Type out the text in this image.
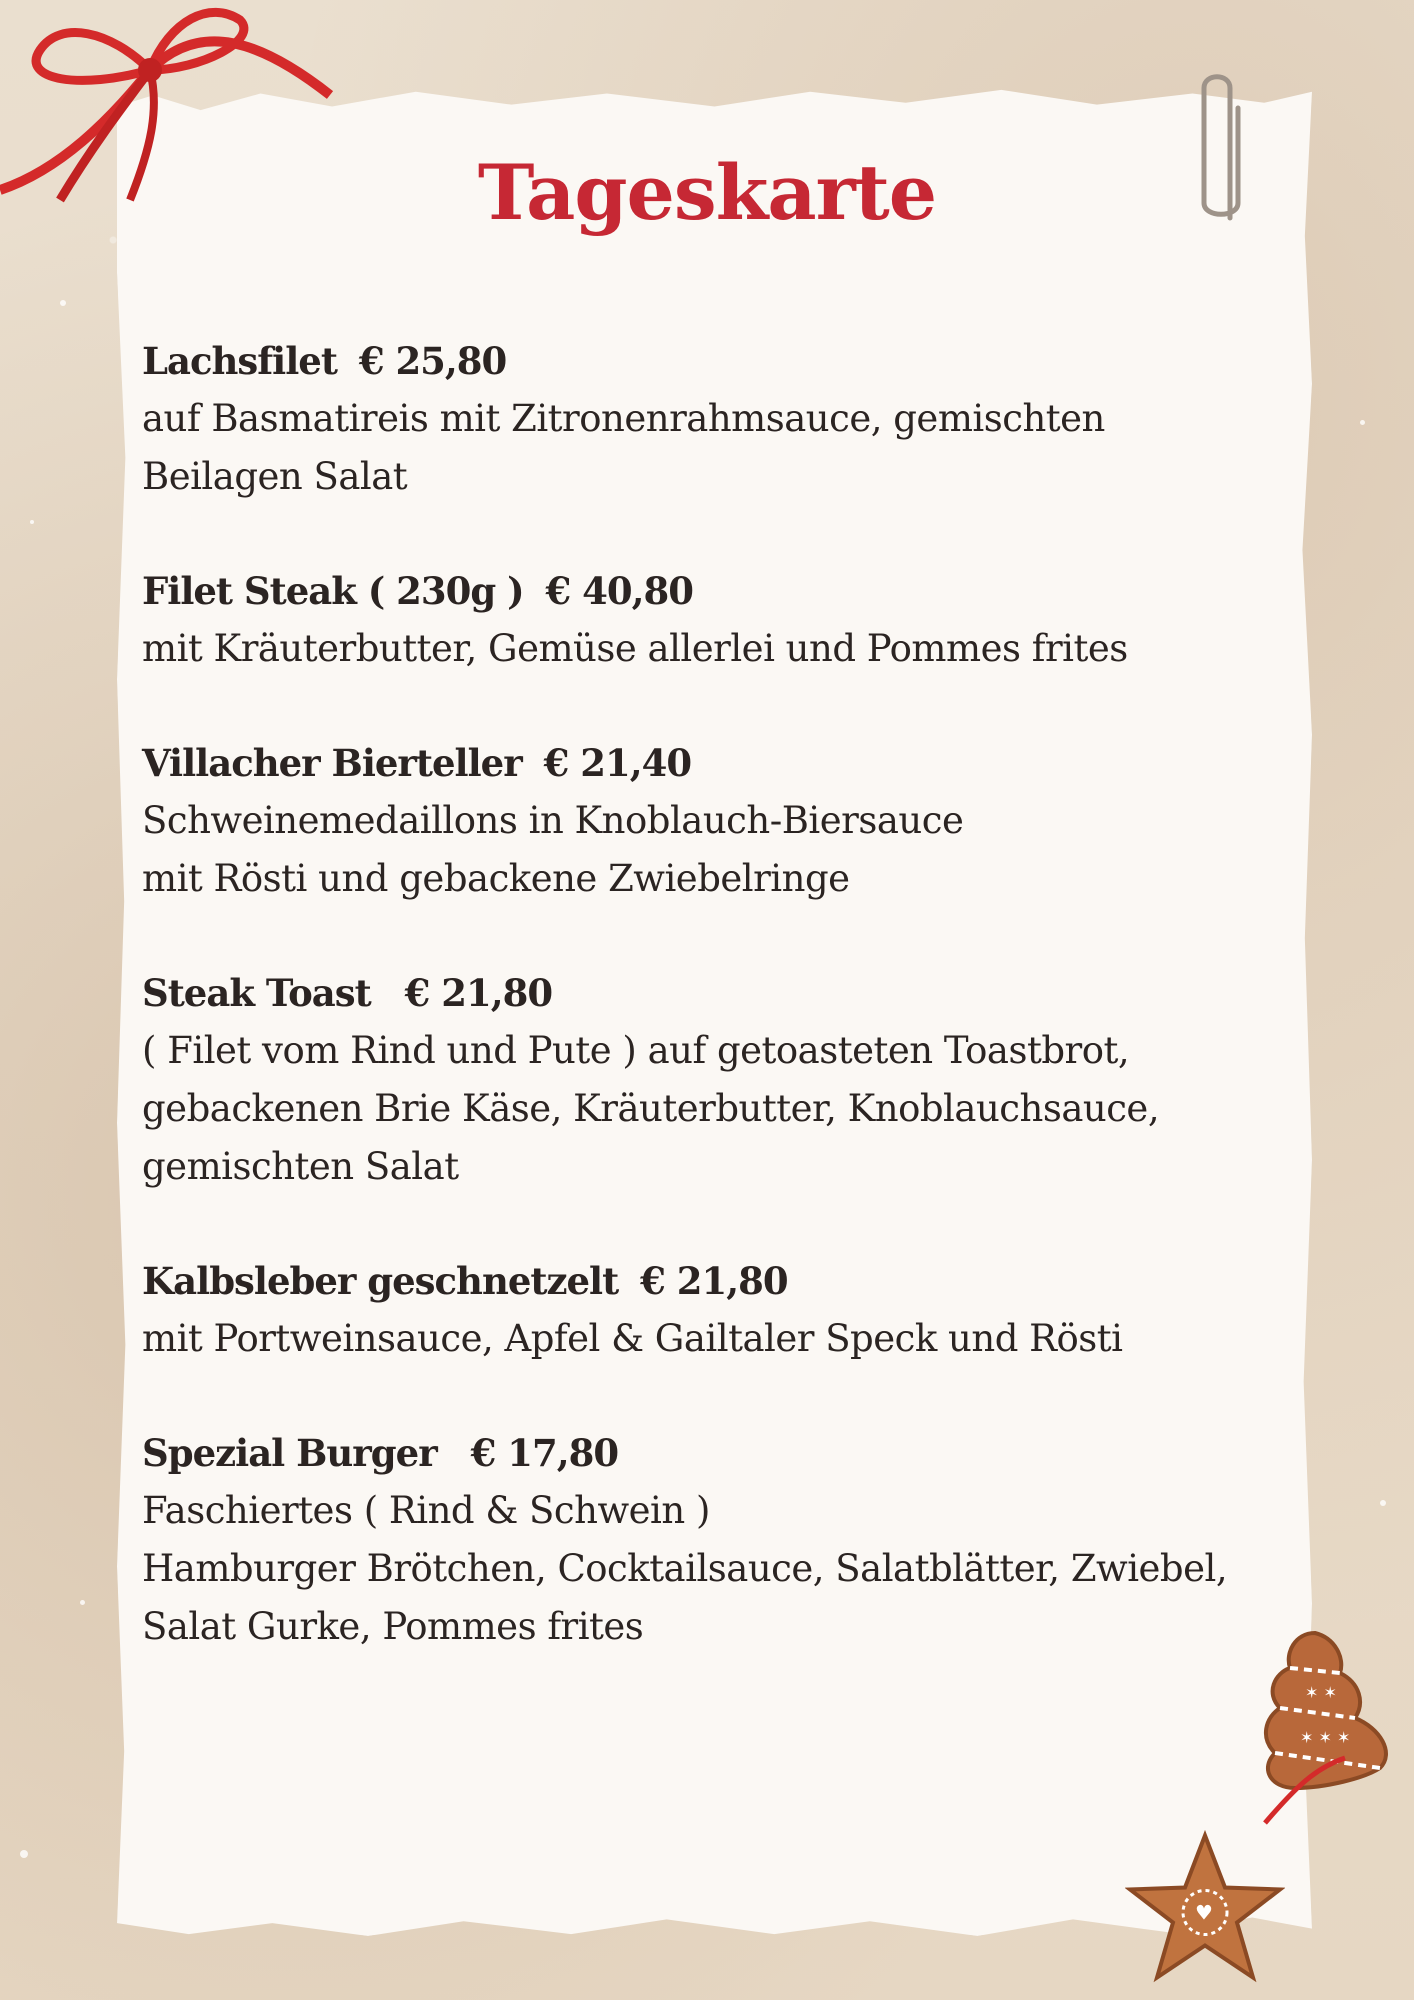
Tageskarte
Lachsfilet € 25,80
auf Basmatireis mit Zitronenrahmsauce, gemischten
Beilagen Salat
Filet Steak ( 230g ) € 40,80
mit Kräuterbutter, Gemüse allerlei und Pommes frites
Villacher Bierteller € 21,40
Schweinemedaillons in Knoblauch-Biersauce
mit Rösti und gebackene Zwiebelringe
Steak Toast € 21,80
( Filet vom Rind und Pute ) auf getoasteten Toastbrot,
gebackenen Brie Käse, Kräuterbutter, Knoblauchsauce,
gemischten Salat
Kalbsleber geschnetzelt € 21,80
mit Portweinsauce, Apfel & Gailtaler Speck und Rösti
Spezial Burger € 17,80
Faschiertes ( Rind & Schwein )
Hamburger Brötchen, Cocktailsauce, Salatblätter, Zwiebel,
Salat Gurke, Pommes frites
✶ ✶
✶ ✶ ✶
♥
